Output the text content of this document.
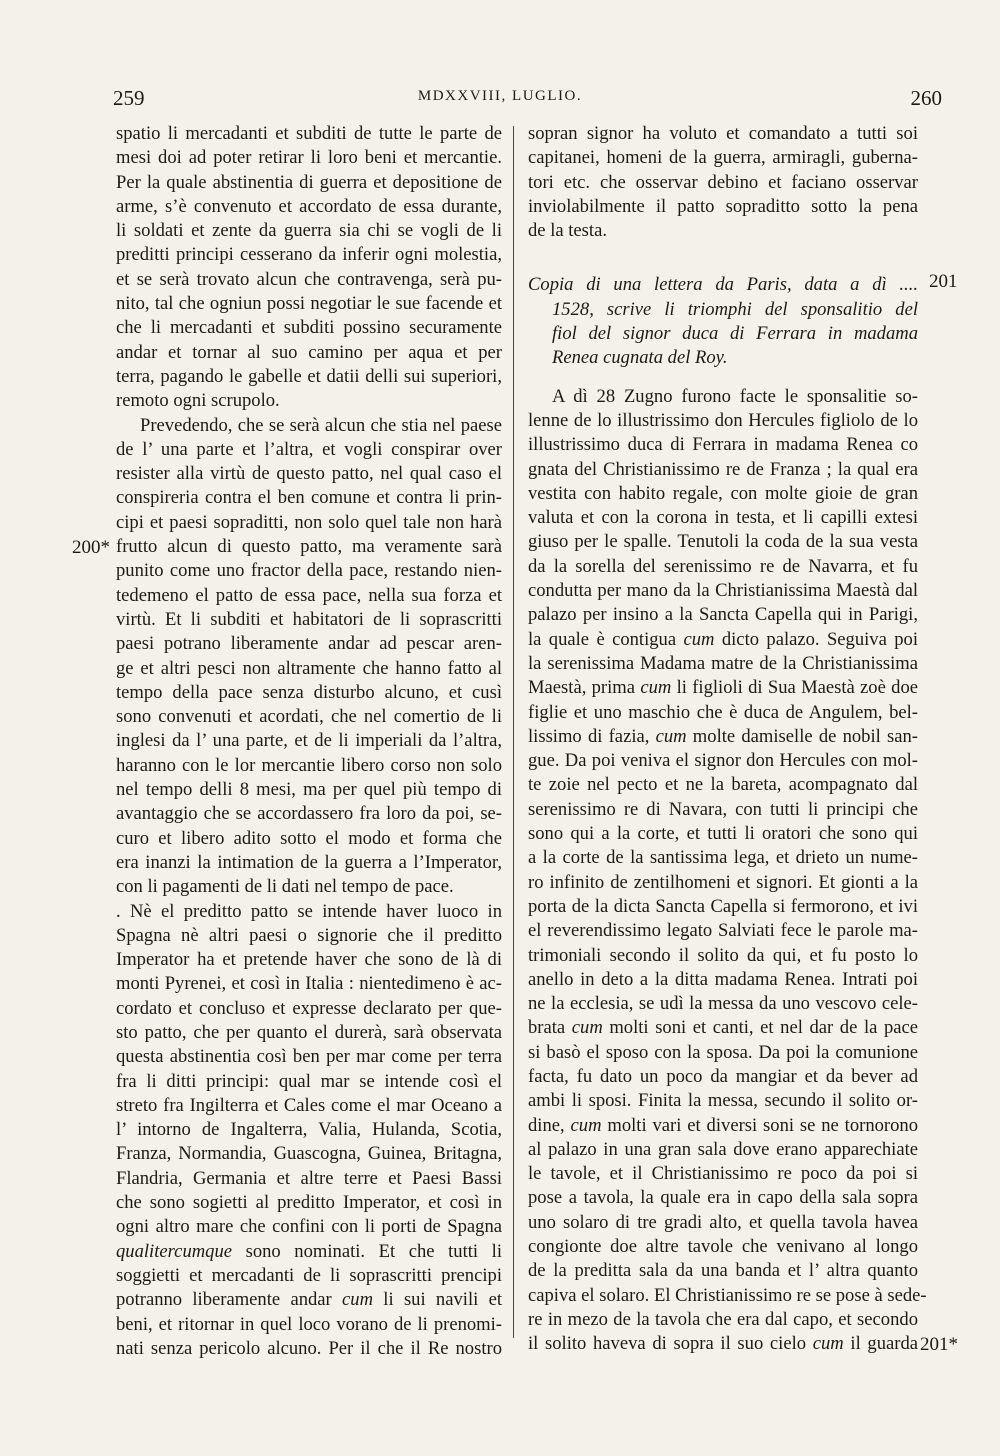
259	MDXXVIII, LUGLIO.	260
200*
201
201*
spatio li mercadanti et subditi de tutte le parte de
mesi doi ad poter retirar li loro beni et mercantie.
Per la quale abstinentia di guerra et depositione de
arme, s’è convenuto et accordato de essa durante,
li soldati et zente da guerra sia chi se vogli de li
preditti principi cesserano da inferir ogni molestia,
et se serà trovato alcun che contravenga, serà pu-
nito, tal che ogniun possi negotiar le sue facende et
che li mercadanti et subditi possino securamente
andar et tornar al suo camino per aqua et per
terra, pagando le gabelle et datii delli sui superiori,
remoto ogni scrupolo.
Prevedendo, che se serà alcun che stia nel paese
de l’ una parte et l’altra, et vogli conspirar over
resister alla virtù de questo patto, nel qual caso el
conspireria contra el ben comune et contra li prin-
cipi et paesi sopraditti, non solo quel tale non harà
frutto alcun di questo patto, ma veramente sarà
punito come uno fractor della pace, restando nien-
tedemeno el patto de essa pace, nella sua forza et
virtù. Et li subditi et habitatori de li soprascritti
paesi potrano liberamente andar ad pescar aren-
ge et altri pesci non altramente che hanno fatto al
tempo della pace senza disturbo alcuno, et cusì
sono convenuti et acordati, che nel comertio de li
inglesi da l’ una parte, et de li imperiali da l’altra,
haranno con le lor mercantie libero corso non solo
nel tempo delli 8 mesi, ma per quel più tempo di
avantaggio che se accordassero fra loro da poi, se-
curo et libero adito sotto el modo et forma che
era inanzi la intimation de la guerra a l’Imperator,
con li pagamenti de li dati nel tempo de pace.
. Nè el preditto patto se intende haver luoco in
Spagna nè altri paesi o signorie che il preditto
Imperator ha et pretende haver che sono de là di
monti Pyrenei, et così in Italia : nientedimeno è ac-
cordato et concluso et expresse declarato per que-
sto patto, che per quanto el durerà, sarà observata
questa abstinentia così ben per mar come per terra
fra li ditti principi: qual mar se intende così el
streto fra Ingilterra et Cales come el mar Oceano a
l’ intorno de Ingalterra, Valia, Hulanda, Scotia,
Franza, Normandia, Guascogna, Guinea, Britagna,
Flandria, Germania et altre terre et Paesi Bassi
che sono sogietti al preditto Imperator, et così in
ogni altro mare che confini con li porti de Spagna
qualitercumque sono nominati. Et che tutti li
soggietti et mercadanti de li soprascritti prencipi
potranno liberamente andar cum li sui navili et
beni, et ritornar in quel loco vorano de li prenomi-
nati senza pericolo alcuno. Per il che il Re nostro
sopran signor ha voluto et comandato a tutti soi
capitanei, homeni de la guerra, armiragli, guberna-
tori etc. che osservar debino et faciano osservar
inviolabilmente il patto sopraditto sotto la pena
de la testa.
Copia di una lettera da Paris, data a dì ....
1528, scrive li triomphi del sponsalitio del
fiol del signor duca di Ferrara in madama
Renea cugnata del Roy.
A dì 28 Zugno furono facte le sponsalitie so-
lenne de lo illustrissimo don Hercules figliolo de lo
illustrissimo duca di Ferrara in madama Renea co
gnata del Christianissimo re de Franza ; la qual era
vestita con habito regale, con molte gioie de gran
valuta et con la corona in testa, et li capilli extesi
giuso per le spalle. Tenutoli la coda de la sua vesta
da la sorella del serenissimo re de Navarra, et fu
condutta per mano da la Christianissima Maestà dal
palazo per insino a la Sancta Capella qui in Parigi,
la quale è contigua cum dicto palazo. Seguiva poi
la serenissima Madama matre de la Christianissima
Maestà, prima cum li figlioli di Sua Maestà zoè doe
figlie et uno maschio che è duca de Angulem, bel-
lissimo di fazia, cum molte damiselle de nobil san-
gue. Da poi veniva el signor don Hercules con mol-
te zoie nel pecto et ne la bareta, acompagnato dal
serenissimo re di Navara, con tutti li principi che
sono qui a la corte, et tutti li oratori che sono qui
a la corte de la santissima lega, et drieto un nume-
ro infinito de zentilhomeni et signori. Et gionti a la
porta de la dicta Sancta Capella si fermorono, et ivi
el reverendissimo legato Salviati fece le parole ma-
trimoniali secondo il solito da qui, et fu posto lo
anello in deto a la ditta madama Renea. Intrati poi
ne la ecclesia, se udì la messa da uno vescovo cele-
brata cum molti soni et canti, et nel dar de la pace
si basò el sposo con la sposa. Da poi la comunione
facta, fu dato un poco da mangiar et da bever ad
ambi li sposi. Finita la messa, secundo il solito or-
dine, cum molti vari et diversi soni se ne tornorono
al palazo in una gran sala dove erano apparechiate
le tavole, et il Christianissimo re poco da poi si
pose a tavola, la quale era in capo della sala sopra
uno solaro di tre gradi alto, et quella tavola havea
congionte doe altre tavole che venivano al longo
de la preditta sala da una banda et l’ altra quanto
capiva el solaro. El Christianissimo re se pose à sede-
re in mezo de la tavola che era dal capo, et secondo
il solito haveva di sopra il suo cielo cum il guarda
